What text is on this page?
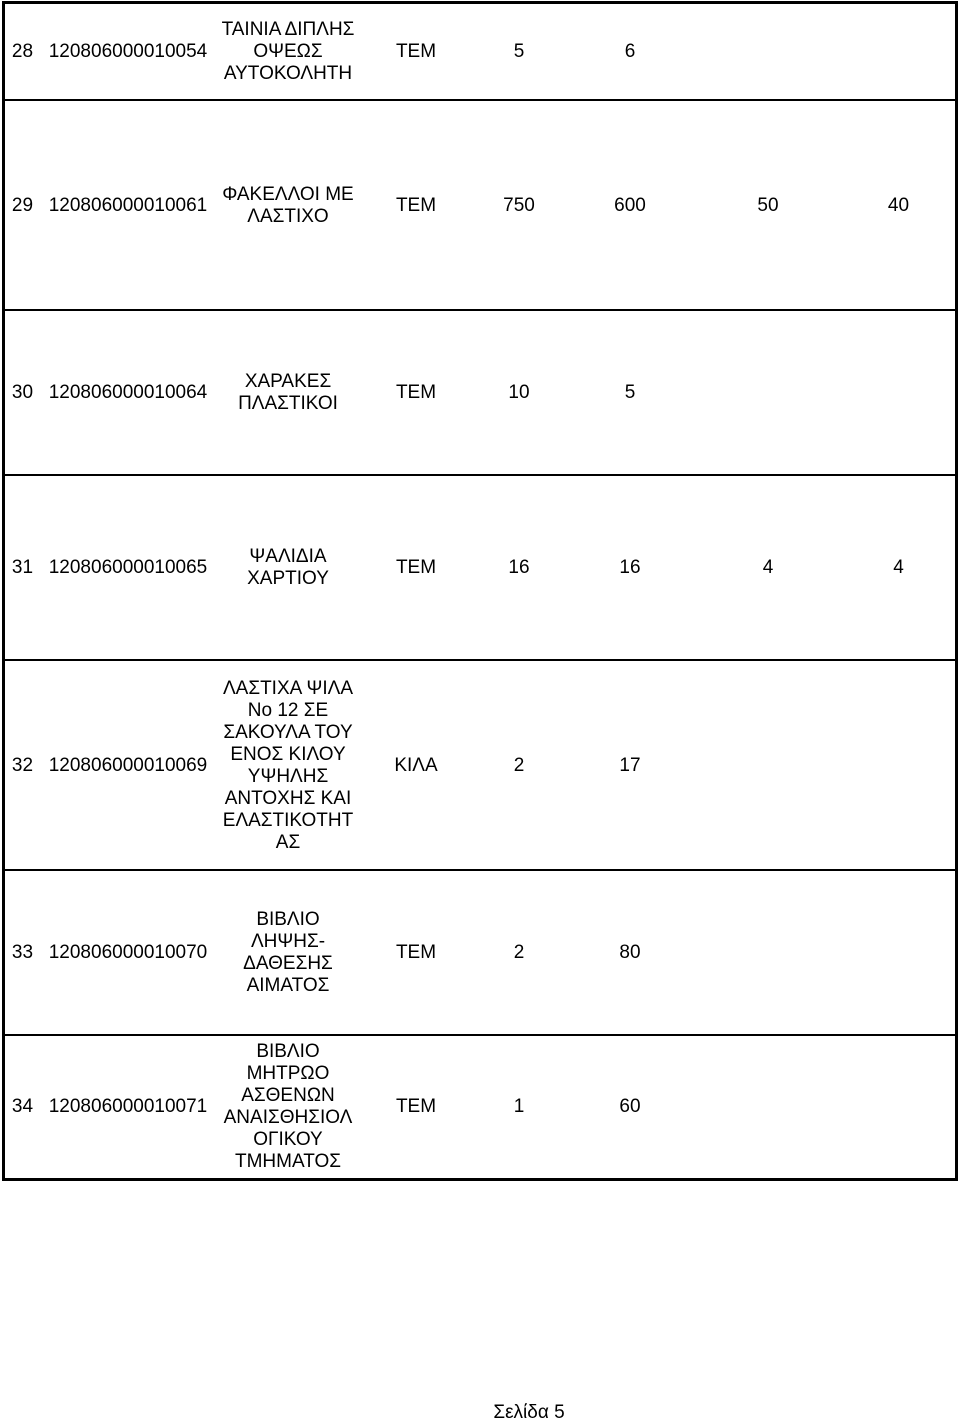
28 120806000010054
ΤΑΙΝΙΑ ΔΙΠΛΗΣ
ΟΨΕΩΣ
ΑΥΤΟΚΟΛΗΤΗ
ΤΕΜ	5	6
29 120806000010061
ΦΑΚΕΛΛΟΙ ΜΕ
ΛΑΣΤΙΧΟ
ΤΕΜ	750	600	50	40
30 120806000010064
ΧΑΡΑΚΕΣ
ΠΛΑΣΤΙΚΟΙ
ΤΕΜ	10	5
31 120806000010065
ΨΑΛΙΔΙΑ
ΧΑΡΤΙΟΥ
ΤΕΜ	16	16	4	4
32 120806000010069
ΛΑΣΤΙΧΑ ΨΙΛΑ
No 12 ΣΕ
ΣΑΚΟΥΛΑ ΤΟΥ
ΕΝΟΣ ΚΙΛΟΥ
ΥΨΗΛΗΣ
ΑΝΤΟΧΗΣ ΚΑΙ
ΕΛΑΣΤΙΚΟΤΗΤ
ΑΣ
ΚΙΛΑ	2	17
33 120806000010070
ΒΙΒΛΙΟ
ΛΗΨΗΣ-
ΔΑΘΕΣΗΣ
ΑΙΜΑΤΟΣ
ΤΕΜ	2	80
34 120806000010071
ΒΙΒΛΙΟ
ΜΗΤΡΩΟ
ΑΣΘΕΝΩΝ
ΑΝΑΙΣΘΗΣΙΟΛ
ΟΓΙΚΟΥ
ΤΜΗΜΑΤΟΣ
ΤΕΜ	1	60
Σελίδα 5
